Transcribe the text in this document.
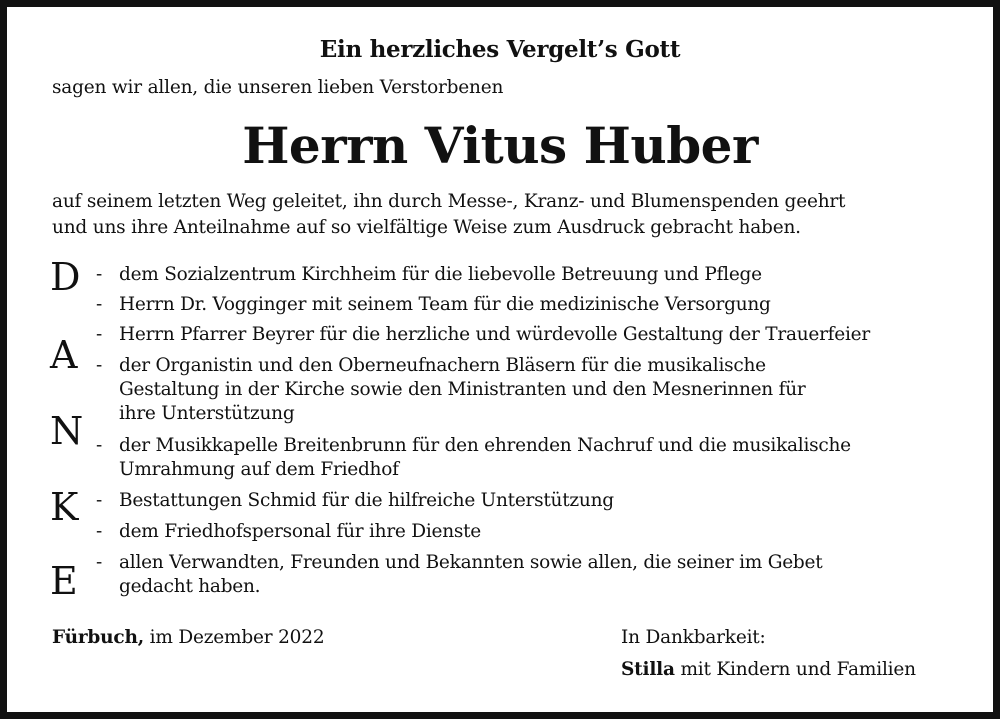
Ein herzliches Vergelt’s Gott
sagen wir allen, die unseren lieben Verstorbenen
Herrn Vitus Huber
auf seinem letzten Weg geleitet, ihn durch Messe-, Kranz- und Blumenspenden geehrt
und uns ihre Anteilnahme auf so vielfältige Weise zum Ausdruck gebracht haben.
D
A
N
K
E
- dem Sozialzentrum Kirchheim für die liebevolle Betreuung und Pflege
- Herrn Dr. Vogginger mit seinem Team für die medizinische Versorgung
- Herrn Pfarrer Beyrer für die herzliche und würdevolle Gestaltung der Trauerfeier
- der Organistin und den Oberneufnachern Bläsern für die musikalische
Gestaltung in der Kirche sowie den Ministranten und den Mesnerinnen für
ihre Unterstützung
- der Musikkapelle Breitenbrunn für den ehrenden Nachruf und die musikalische
Umrahmung auf dem Friedhof
- Bestattungen Schmid für die hilfreiche Unterstützung
- dem Friedhofspersonal für ihre Dienste
- allen Verwandten, Freunden und Bekannten sowie allen, die seiner im Gebet
gedacht haben.
Fürbuch, im Dezember 2022	In Dankbarkeit:
Stilla mit Kindern und Familien
